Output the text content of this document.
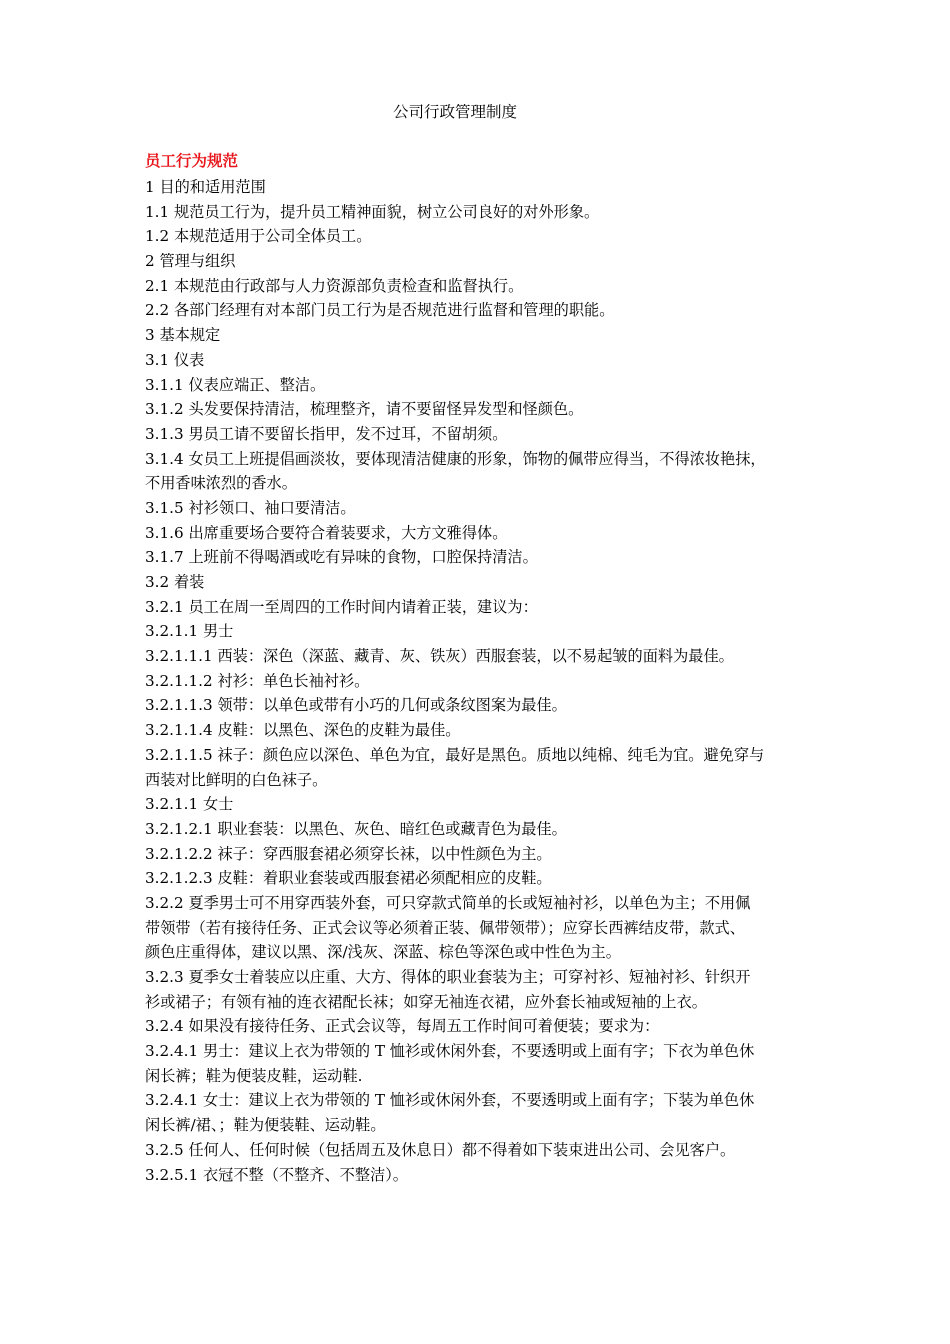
公司行政管理制度
员工行为规范
1 目的和适用范围
1.1 规范员工行为，提升员工精神面貌，树立公司良好的对外形象。
1.2 本规范适用于公司全体员工。
2 管理与组织
2.1 本规范由行政部与人力资源部负责检查和监督执行。
2.2 各部门经理有对本部门员工行为是否规范进行监督和管理的职能。
3 基本规定
3.1 仪表
3.1.1 仪表应端正、整洁。
3.1.2 头发要保持清洁，梳理整齐，请不要留怪异发型和怪颜色。
3.1.3 男员工请不要留长指甲，发不过耳，不留胡须。
3.1.4 女员工上班提倡画淡妆，要体现清洁健康的形象，饰物的佩带应得当，不得浓妆艳抹，
不用香味浓烈的香水。
3.1.5 衬衫领口、袖口要清洁。
3.1.6 出席重要场合要符合着装要求，大方文雅得体。
3.1.7 上班前不得喝酒或吃有异味的食物，口腔保持清洁。
3.2 着装
3.2.1 员工在周一至周四的工作时间内请着正装，建议为：
3.2.1.1 男士
3.2.1.1.1 西装：深色（深蓝、藏青、灰、铁灰）西服套装，以不易起皱的面料为最佳。
3.2.1.1.2 衬衫：单色长袖衬衫。
3.2.1.1.3 领带：以单色或带有小巧的几何或条纹图案为最佳。
3.2.1.1.4 皮鞋：以黑色、深色的皮鞋为最佳。
3.2.1.1.5 袜子：颜色应以深色、单色为宜，最好是黑色。质地以纯棉、纯毛为宜。避免穿与
西装对比鲜明的白色袜子。
3.2.1.1 女士
3.2.1.2.1 职业套装：以黑色、灰色、暗红色或藏青色为最佳。
3.2.1.2.2 袜子：穿西服套裙必须穿长袜，以中性颜色为主。
3.2.1.2.3 皮鞋：着职业套装或西服套裙必须配相应的皮鞋。
3.2.2 夏季男士可不用穿西装外套，可只穿款式简单的长或短袖衬衫，以单色为主；不用佩
带领带（若有接待任务、正式会议等必须着正装、佩带领带）；应穿长西裤结皮带，款式、
颜色庄重得体，建议以黑、深/浅灰、深蓝、棕色等深色或中性色为主。
3.2.3 夏季女士着装应以庄重、大方、得体的职业套装为主；可穿衬衫、短袖衬衫、针织开
衫或裙子；有领有袖的连衣裙配长袜；如穿无袖连衣裙，应外套长袖或短袖的上衣。
3.2.4 如果没有接待任务、正式会议等，每周五工作时间可着便装；要求为：
3.2.4.1 男士：建议上衣为带领的 T 恤衫或休闲外套，不要透明或上面有字；下衣为单色休
闲长裤；鞋为便装皮鞋，运动鞋.
3.2.4.1 女士：建议上衣为带领的 T 恤衫或休闲外套，不要透明或上面有字；下装为单色休
闲长裤/裙、；鞋为便装鞋、运动鞋。
3.2.5 任何人、任何时候（包括周五及休息日）都不得着如下装束进出公司、会见客户。
3.2.5.1 衣冠不整（不整齐、不整洁）。
